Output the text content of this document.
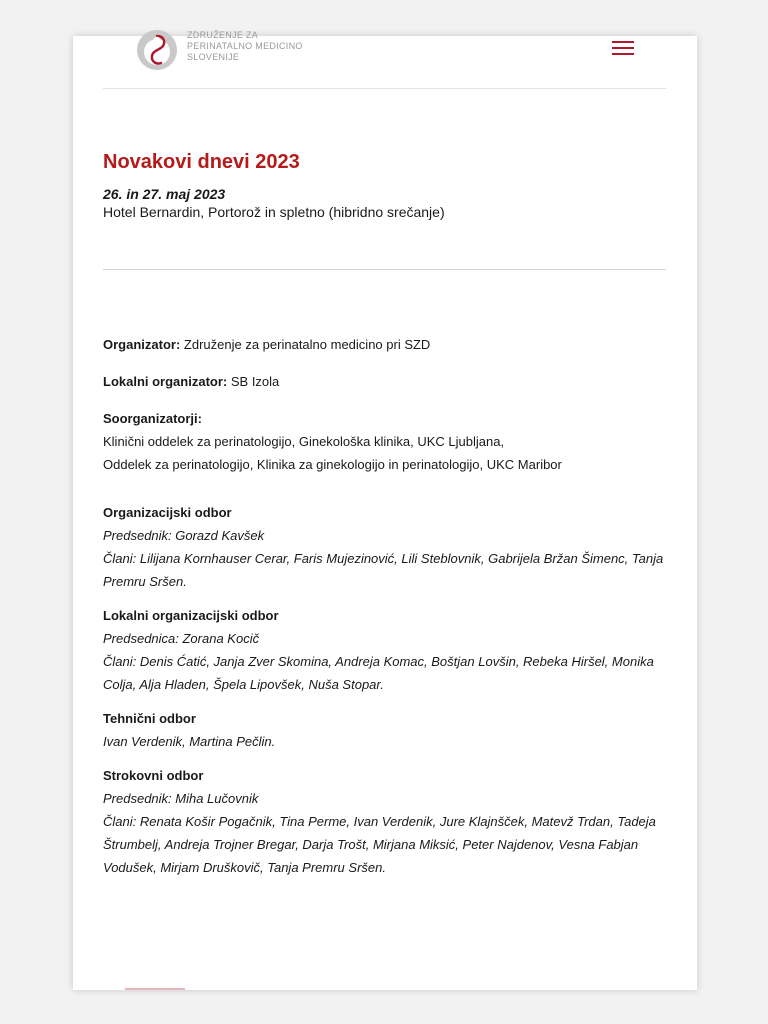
ZDRUŽENJE ZA
PERINATALNO MEDICINO
SLOVENIJE
Novakovi dnevi 2023
26. in 27. maj 2023
Hotel Bernardin, Portorož in spletno (hibridno srečanje)
Organizator: Združenje za perinatalno medicino pri SZD
Lokalni organizator: SB Izola
Soorganizatorji:
Klinični oddelek za perinatologijo, Ginekološka klinika, UKC Ljubljana,
Oddelek za perinatologijo, Klinika za ginekologijo in perinatologijo, UKC Maribor
Organizacijski odbor
Predsednik: Gorazd Kavšek
Člani: Lilijana Kornhauser Cerar, Faris Mujezinović, Lili Steblovnik, Gabrijela Bržan Šimenc, Tanja Premru Sršen.
Lokalni organizacijski odbor
Predsednica: Zorana Kocič
Člani: Denis Ćatić, Janja Zver Skomina, Andreja Komac, Boštjan Lovšin, Rebeka Hiršel, Monika Colja, Alja Hladen, Špela Lipovšek, Nuša Stopar.
Tehnični odbor
Ivan Verdenik, Martina Pečlin.
Strokovni odbor
Predsednik: Miha Lučovnik
Člani: Renata Košir Pogačnik, Tina Perme, Ivan Verdenik, Jure Klajnšček, Matevž Trdan, Tadeja Štrumbelj, Andreja Trojner Bregar, Darja Trošt, Mirjana Miksić, Peter Najdenov, Vesna Fabjan Vodušek, Mirjam Druškovič, Tanja Premru Sršen.
